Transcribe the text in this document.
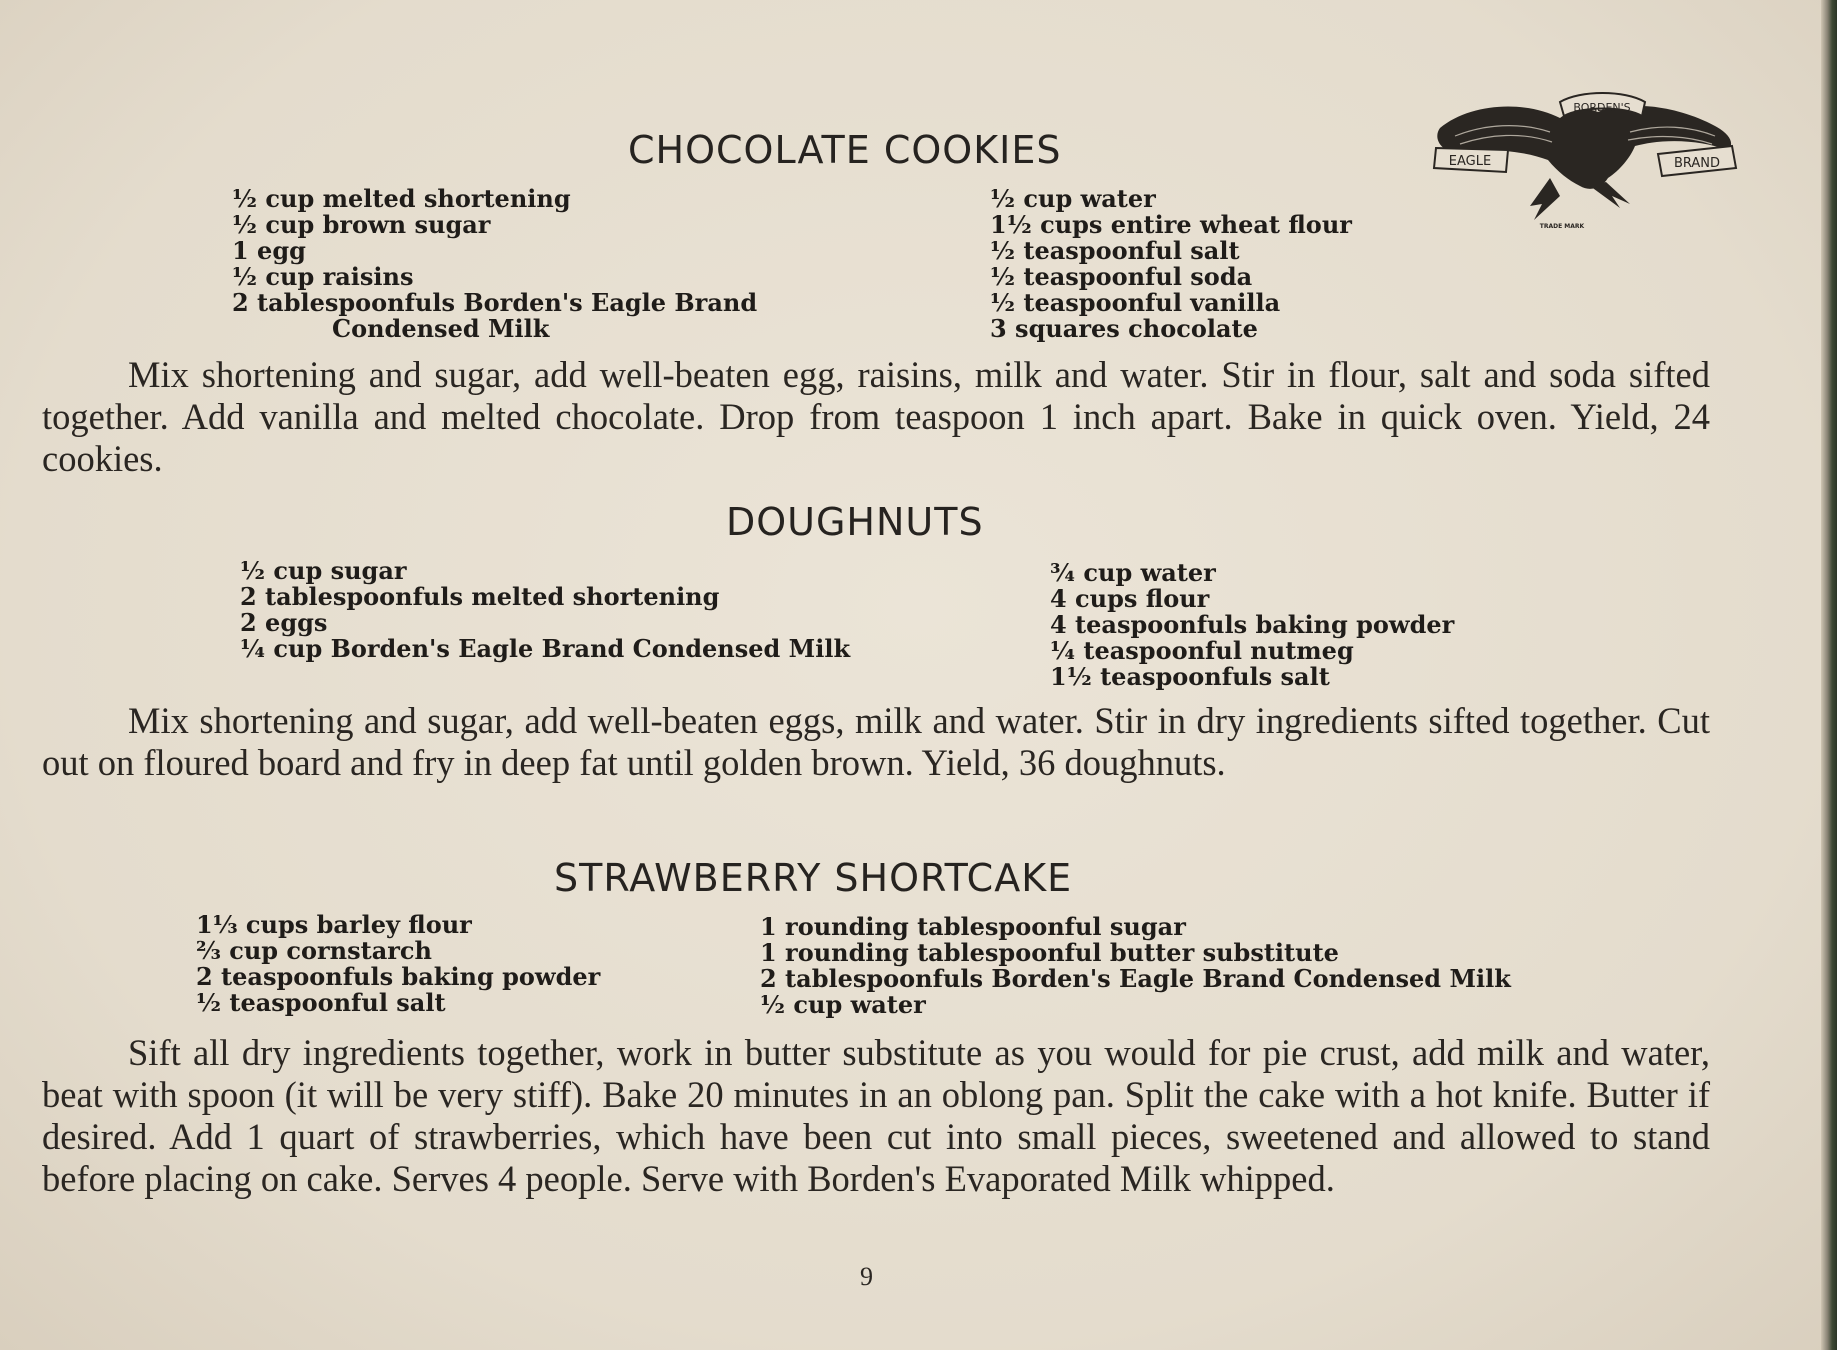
BORDEN'S
EAGLE	BRAND
TRADE MARK
CHOCOLATE COOKIES
½ cup melted shortening
½ cup brown sugar
1 egg
½ cup raisins
2 tablespoonfuls Borden's Eagle Brand
Condensed Milk
½ cup water
1½ cups entire wheat flour
½ teaspoonful salt
½ teaspoonful soda
½ teaspoonful vanilla
3 squares chocolate

Mix shortening and sugar, add well-beaten egg, raisins, milk and water. Stir in flour, salt and soda sifted together. Add vanilla and melted chocolate. Drop from teaspoon 1 inch apart. Bake in quick oven. Yield, 24 cookies.

DOUGHNUTS
½ cup sugar
2 tablespoonfuls melted shortening
2 eggs
¼ cup Borden's Eagle Brand Condensed Milk
¾ cup water
4 cups flour
4 teaspoonfuls baking powder
¼ teaspoonful nutmeg
1½ teaspoonfuls salt

Mix shortening and sugar, add well-beaten eggs, milk and water. Stir in dry ingredients sifted together. Cut out on floured board and fry in deep fat until golden brown. Yield, 36 doughnuts.

STRAWBERRY SHORTCAKE
1⅓ cups barley flour
⅔ cup cornstarch
2 teaspoonfuls baking powder
½ teaspoonful salt
1 rounding tablespoonful sugar
1 rounding tablespoonful butter substitute
2 tablespoonfuls Borden's Eagle Brand Condensed Milk
½ cup water

Sift all dry ingredients together, work in butter substitute as you would for pie crust, add milk and water, beat with spoon (it will be very stiff). Bake 20 minutes in an oblong pan. Split the cake with a hot knife. Butter if desired. Add 1 quart of strawberries, which have been cut into small pieces, sweetened and allowed to stand before placing on cake. Serves 4 people. Serve with Borden's Evaporated Milk whipped.

9
